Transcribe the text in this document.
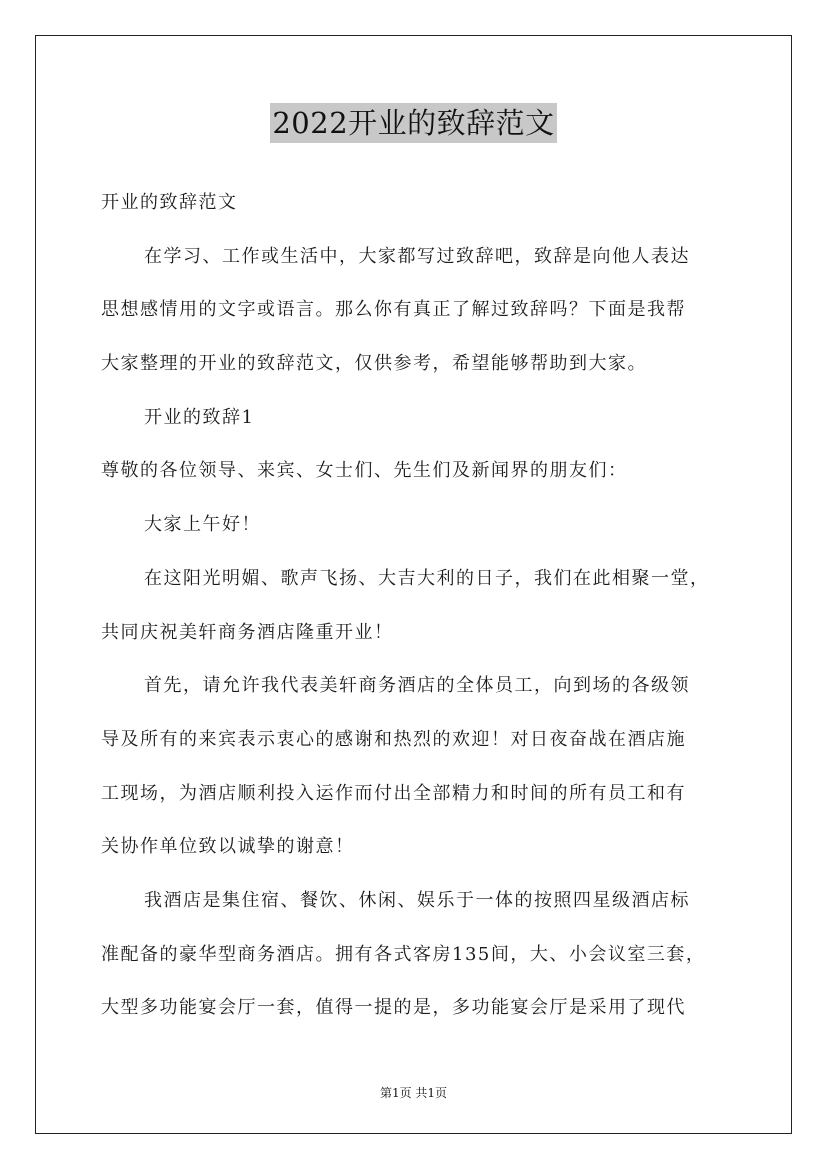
2022开业的致辞范文
开业的致辞范文
在学习、工作或生活中，大家都写过致辞吧，致辞是向他人表达
思想感情用的文字或语言。那么你有真正了解过致辞吗？下面是我帮
大家整理的开业的致辞范文，仅供参考，希望能够帮助到大家。
开业的致辞1
尊敬的各位领导、来宾、女士们、先生们及新闻界的朋友们：
大家上午好！
在这阳光明媚、歌声飞扬、大吉大利的日子，我们在此相聚一堂，
共同庆祝美轩商务酒店隆重开业！
首先，请允许我代表美轩商务酒店的全体员工，向到场的各级领
导及所有的来宾表示衷心的感谢和热烈的欢迎！对日夜奋战在酒店施
工现场，为酒店顺利投入运作而付出全部精力和时间的所有员工和有
关协作单位致以诚挚的谢意！
我酒店是集住宿、餐饮、休闲、娱乐于一体的按照四星级酒店标
准配备的豪华型商务酒店。拥有各式客房135间，大、小会议室三套，
大型多功能宴会厅一套，值得一提的是，多功能宴会厅是采用了现代
第1页 共1页
